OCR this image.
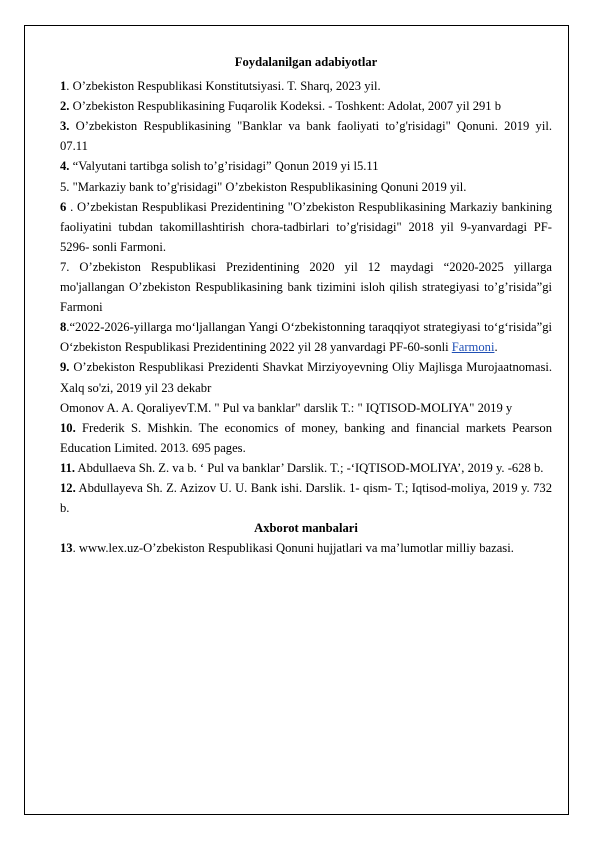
Foydalanilgan adabiyotlar

1. O’zbekiston Respublikasi Konstitutsiyasi. T. Sharq, 2023 yil.

2. O’zbekiston Respublikasining Fuqarolik Kodeksi. - Toshkent: Adolat, 2007 yil 291 b

3. O’zbekiston Respublikasining "Banklar va bank faoliyati to’g'risidagi" Qonuni. 2019 yil. 07.11

4. “Valyutani tartibga solish to’g’risidagi” Qonun 2019 yi l5.11

5. "Markaziy bank to’g'risidagi" O’zbekiston Respublikasining Qonuni 2019 yil.

6 . O’zbekistan Respublikasi Prezidentining "O’zbekiston Respublikasining Markaziy bankining faoliyatini tubdan takomillashtirish chora-tadbirlari to’g'risidagi" 2018 yil 9-yanvardagi PF- 5296- sonli Farmoni.

7. O’zbekiston Respublikasi Prezidentining 2020 yil 12 maydagi “2020-2025 yillarga mo'jallangan O’zbekiston Respublikasining bank tizimini isloh qilish strategiyasi to’g’risida”gi Farmoni

8.“2022-2026-yillarga mo‘ljallangan Yangi O‘zbekistonning taraqqiyot strategiyasi to‘g‘risida”gi O‘zbekiston Respublikasi Prezidentining 2022 yil 28 yanvardagi PF-60-sonli Farmoni.

9. O’zbekiston Respublikasi Prezidenti Shavkat Mirziyoyevning Oliy Majlisga Murojaatnomasi. Xalq so'zi, 2019 yil 23 dekabr

Omonov A. A. QoraliyevT.M. " Pul va banklar" darslik T.: " IQTISOD-MOLIYA" 2019 y

10. Frederik S. Mishkin. The economics of money, banking and financial markets Pearson Education Limited. 2013. 695 pages.

11. Abdullaeva Sh. Z. va b. ‘ Pul va banklar’ Darslik. T.; -‘IQTISOD-MOLIYA’, 2019 y. -628 b.

12. Abdullayeva Sh. Z. Azizov U. U. Bank ishi. Darslik. 1- qism- T.; Iqtisod-moliya, 2019 y. 732 b.

Axborot manbalari

13. www.lex.uz-O’zbekiston Respublikasi Qonuni hujjatlari va ma’lumotlar milliy bazasi.
